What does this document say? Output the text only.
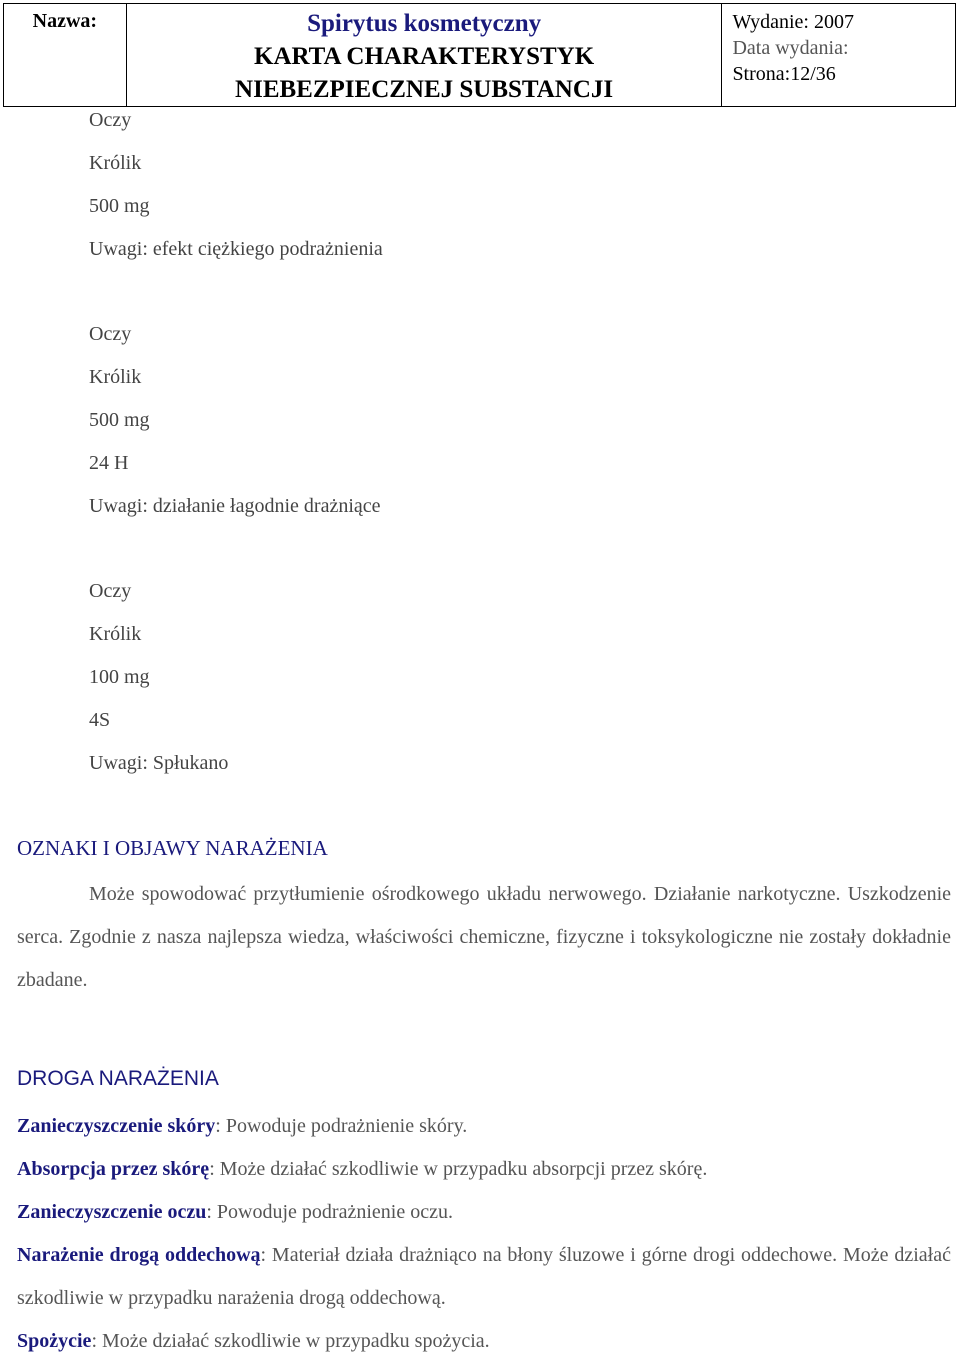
Nazwa:	Spirytus kosmetyczny
KARTA CHARAKTERYSTYK
NIEBEZPIECZNEJ SUBSTANCJI

Wydanie: 2007
Data wydania:
Strona:12/36
Oczy
Królik
500 mg
Uwagi: efekt ciężkiego podrażnienia
Oczy
Królik
500 mg
24 H
Uwagi: działanie łagodnie drażniące
Oczy
Królik
100 mg
4S
Uwagi: Spłukano
OZNAKI I OBJAWY NARAŻENIA
Może spowodować przytłumienie ośrodkowego układu nerwowego. Działanie narkotyczne. Uszkodzenie serca. Zgodnie z nasza najlepsza wiedza, właściwości chemiczne, fizyczne i toksykologiczne nie zostały dokładnie zbadane.
DROGA NARAŻENIA
Zanieczyszczenie skóry: Powoduje podrażnienie skóry.
Absorpcja przez skórę: Może działać szkodliwie w przypadku absorpcji przez skórę.
Zanieczyszczenie oczu: Powoduje podrażnienie oczu.
Narażenie drogą oddechową: Materiał działa drażniąco na błony śluzowe i górne drogi oddechowe. Może działać szkodliwie w przypadku narażenia drogą oddechową.
Spożycie: Może działać szkodliwie w przypadku spożycia.
